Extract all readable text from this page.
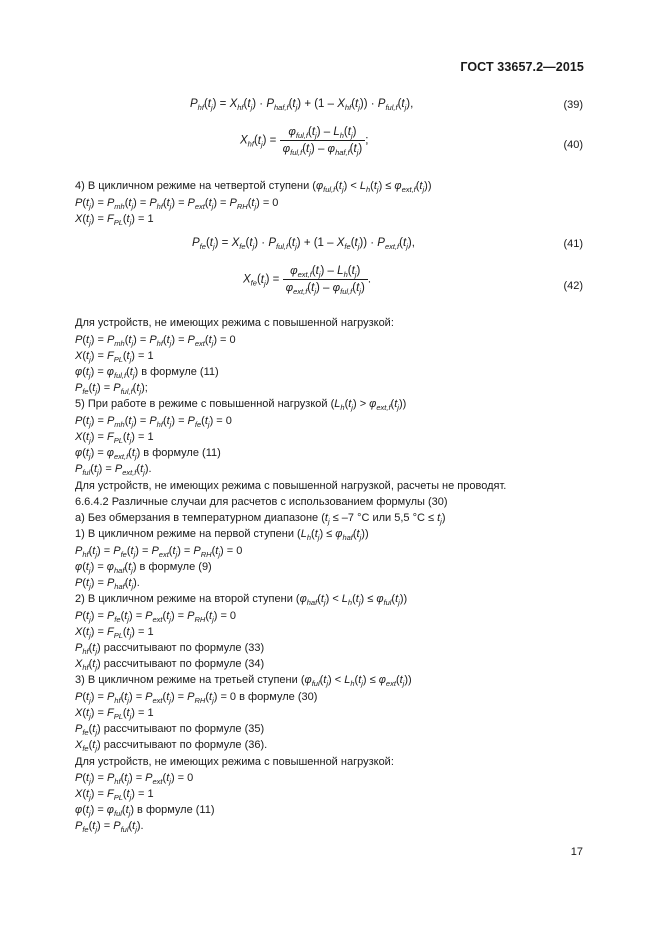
ГОСТ 33657.2—2015
$P_{hf}(t_j) = X_{hf}(t_j) \cdot P_{haf,f}(t_j) + (1 - X_{hf}(t_j)) \cdot P_{ful,f}(t_j)$,	(39)
$X_{hf}(t_j) = \frac{\varphi_{ful,f}(t_j) - L_h(t_j)}{\varphi_{ful,f}(t_j) - \varphi_{haf,f}(t_j)}$ ;	(40)
4) В цикличном режиме на четвертой ступени $(\varphi_{ful,f}(t_j) < L_h(t_j) \le \varphi_{ext,f}(t_j))$
$P(t_j) = P_{mh}(t_j) = P_{hf}(t_j) = P_{ext}(t_j) = P_{RH}(t_j) = 0$
$X(t_j) = F_{PL}(t_j) = 1$
$P_{fe}(t_j) = X_{fe}(t_j) \cdot P_{ful,f}(t_j) + (1 - X_{fe}(t_j)) \cdot P_{ext,f}(t_j)$,	(41)
$X_{fe}(t_j) = \frac{\varphi_{ext,f}(t_j) - L_h(t_j)}{\varphi_{ext,f}(t_j) - \varphi_{ful,f}(t_j)}$ .
(42)
Для устройств, не имеющих режима с повышенной нагрузкой:
$P(t_j) = P_{mh}(t_j) = P_{hf}(t_j) = P_{ext}(t_j) = 0$
$X(t_j) = F_{PL}(t_j) = 1$
$\varphi(t_j) = \varphi_{ful,f}(t_j)$ в формуле (11)
$P_{fe}(t_j) = P_{ful,f}(t_j)$;
5) При работе в режиме с повышенной нагрузкой $(L_h(t_j) > \varphi_{ext,f}(t_j))$
$P(t_j) = P_{mh}(t_j) = P_{hf}(t_j) = P_{fe}(t_j) = 0$
$X(t_j) = F_{PL}(t_j) = 1$
$\varphi(t_j) = \varphi_{ext,f}(t_j)$ в формуле (11)
$P_{ful}(t_j) = P_{ext,f}(t_j)$.
Для устройств, не имеющих режима с повышенной нагрузкой, расчеты не проводят.
6.6.4.2 Различные случаи для расчетов с использованием формулы (30)
а) Без обмерзания в температурном диапазоне ($t_j \le -7$ °C или 5,5 $^\circ C \le t_j$)
1) В цикличном режиме на первой ступени $(L_h(t_j) \le \varphi_{haf}(t_j))$
$P_{hf}(t_j) = P_{fe}(t_j) = P_{ext}(t_j) = P_{RH}(t_j) = 0$
$\varphi(t_j) = \varphi_{haf}(t_j)$ в формуле (9)
$P(t_j) = P_{haf}(t_j)$.
2) В цикличном режиме на второй ступени $(\varphi_{haf}(t_j) < L_h(t_j) \le \varphi_{ful}(t_j))$
$P(t_j) = P_{fe}(t_j) = P_{ext}(t_j) = P_{RH}(t_j) = 0$
$X(t_j) = F_{PL}(t_j) = 1$
$P_{hf}(t_j)$ рассчитывают по формуле (33)
$X_{hf}(t_j)$ рассчитывают по формуле (34)
3) В цикличном режиме на третьей ступени $(\varphi_{ful}(t_j) < L_h(t_j) \le \varphi_{ext}(t_j))$
$P(t_j) = P_{hf}(t_j) = P_{ext}(t_j) = P_{RH}(t_j) = 0$ в формуле (30)
$X(t_j) = F_{PL}(t_j) = 1$
$P_{fe}(t_j)$ рассчитывают по формуле (35)
$X_{fe}(t_j)$ рассчитывают по формуле (36).
Для устройств, не имеющих режима с повышенной нагрузкой:
$P(t_j) = P_{hf}(t_j) = P_{ext}(t_j) = 0$
$X(t_j) = F_{PL}(t_j) = 1$
$\varphi(t_j) = \varphi_{ful}(t_j)$ в формуле (11)
$P_{fe}(t_j) = P_{ful}(t_j)$.
17
